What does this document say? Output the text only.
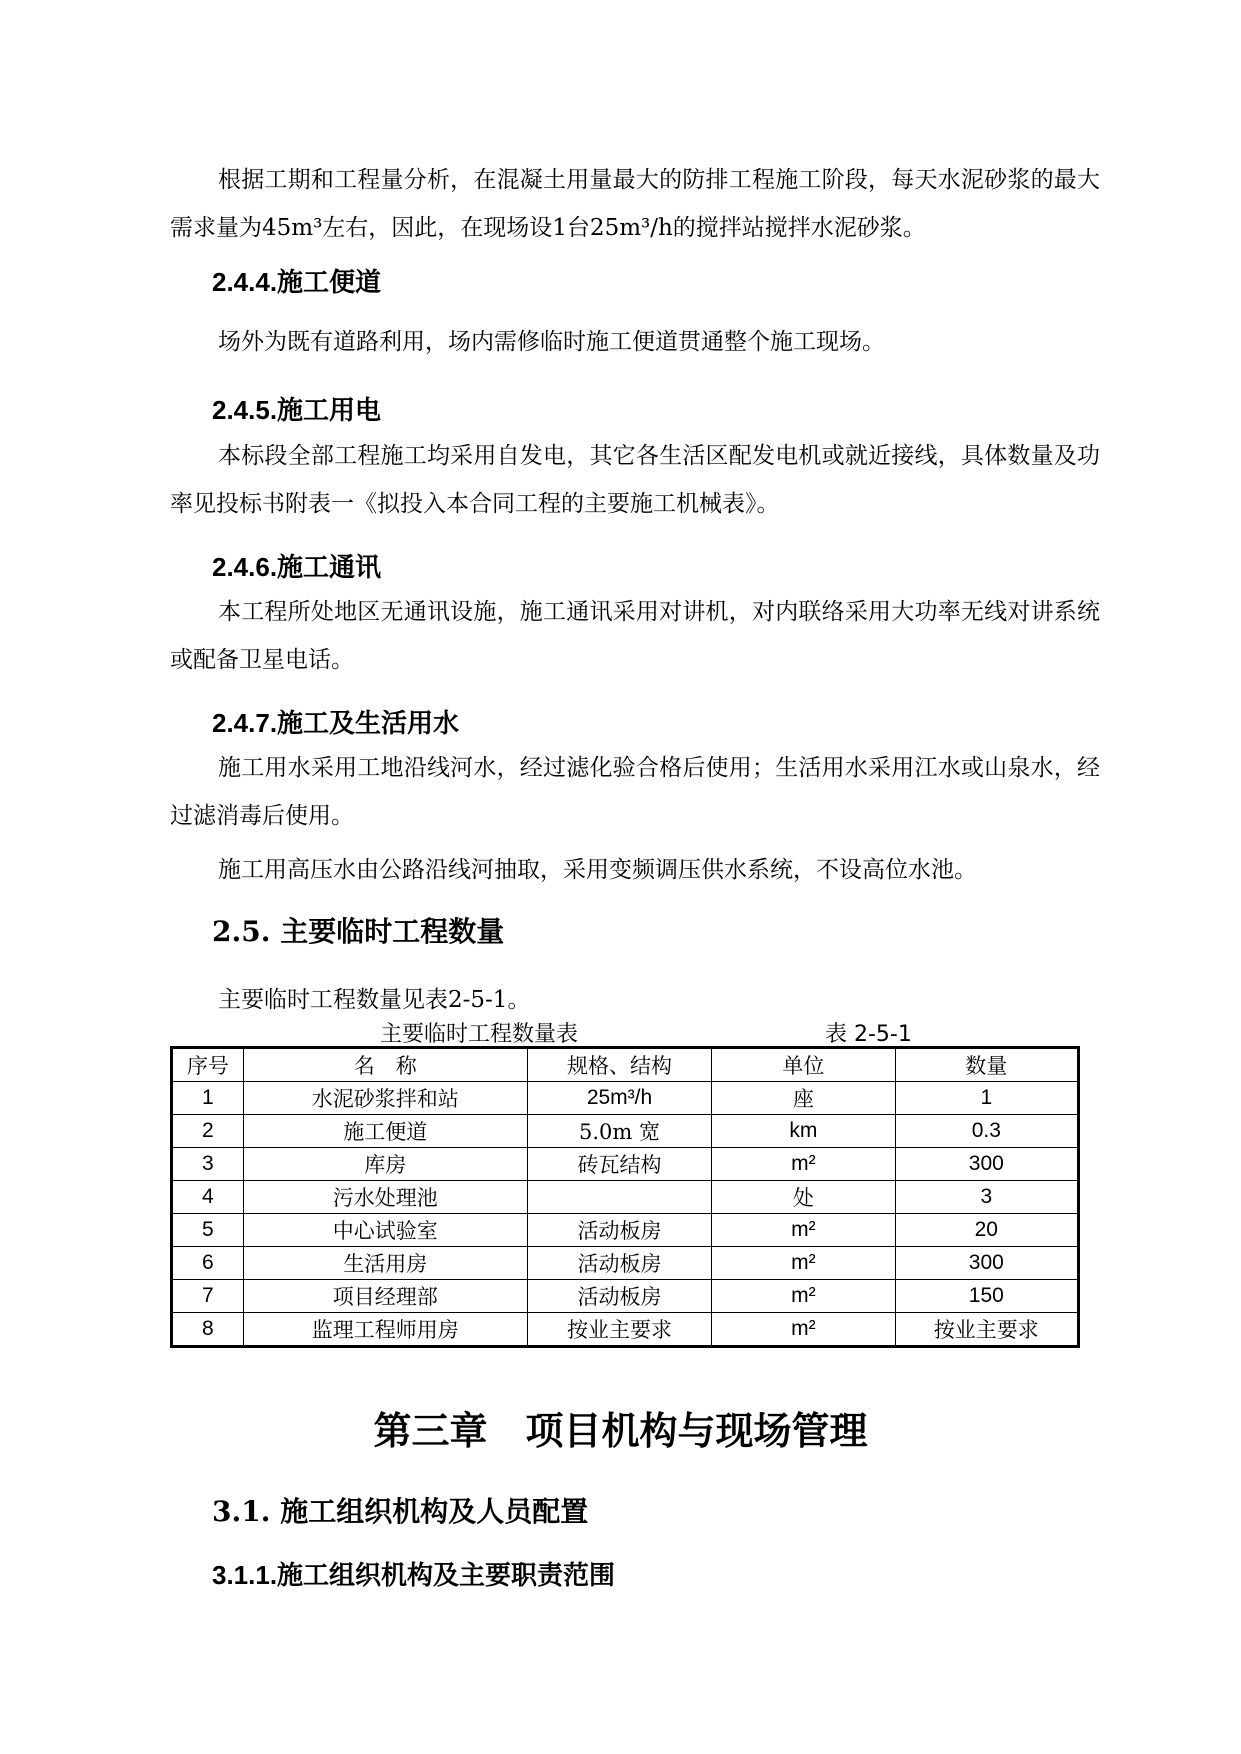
根据工期和工程量分析，在混凝土用量最大的防排工程施工阶段，每天水泥砂浆的最大需求量为45m³左右，因此，在现场设1台25m³/h的搅拌站搅拌水泥砂浆。

2.4.4.施工便道

场外为既有道路利用，场内需修临时施工便道贯通整个施工现场。

2.4.5.施工用电

本标段全部工程施工均采用自发电，其它各生活区配发电机或就近接线，具体数量及功率见投标书附表一《拟投入本合同工程的主要施工机械表》。

2.4.6.施工通讯

本工程所处地区无通讯设施，施工通讯采用对讲机，对内联络采用大功率无线对讲系统或配备卫星电话。

2.4.7.施工及生活用水

施工用水采用工地沿线河水，经过滤化验合格后使用；生活用水采用江水或山泉水，经过滤消毒后使用。

施工用高压水由公路沿线河抽取，采用变频调压供水系统，不设高位水池。

2.5. 主要临时工程数量

主要临时工程数量见表2-5-1。

主要临时工程数量表	表 2-5-1

序号	名　称	规格、结构	单位	数量
1	水泥砂浆拌和站	25m³/h	座	1
2	施工便道	5.0m 宽	km	0.3
3	库房	砖瓦结构	m²	300
4	污水处理池		处	3
5	中心试验室	活动板房	m²	20
6	生活用房	活动板房	m²	300
7	项目经理部	活动板房	m²	150
8	监理工程师用房	按业主要求	m²	按业主要求
第三章　项目机构与现场管理
3.1. 施工组织机构及人员配置
3.1.1.施工组织机构及主要职责范围
